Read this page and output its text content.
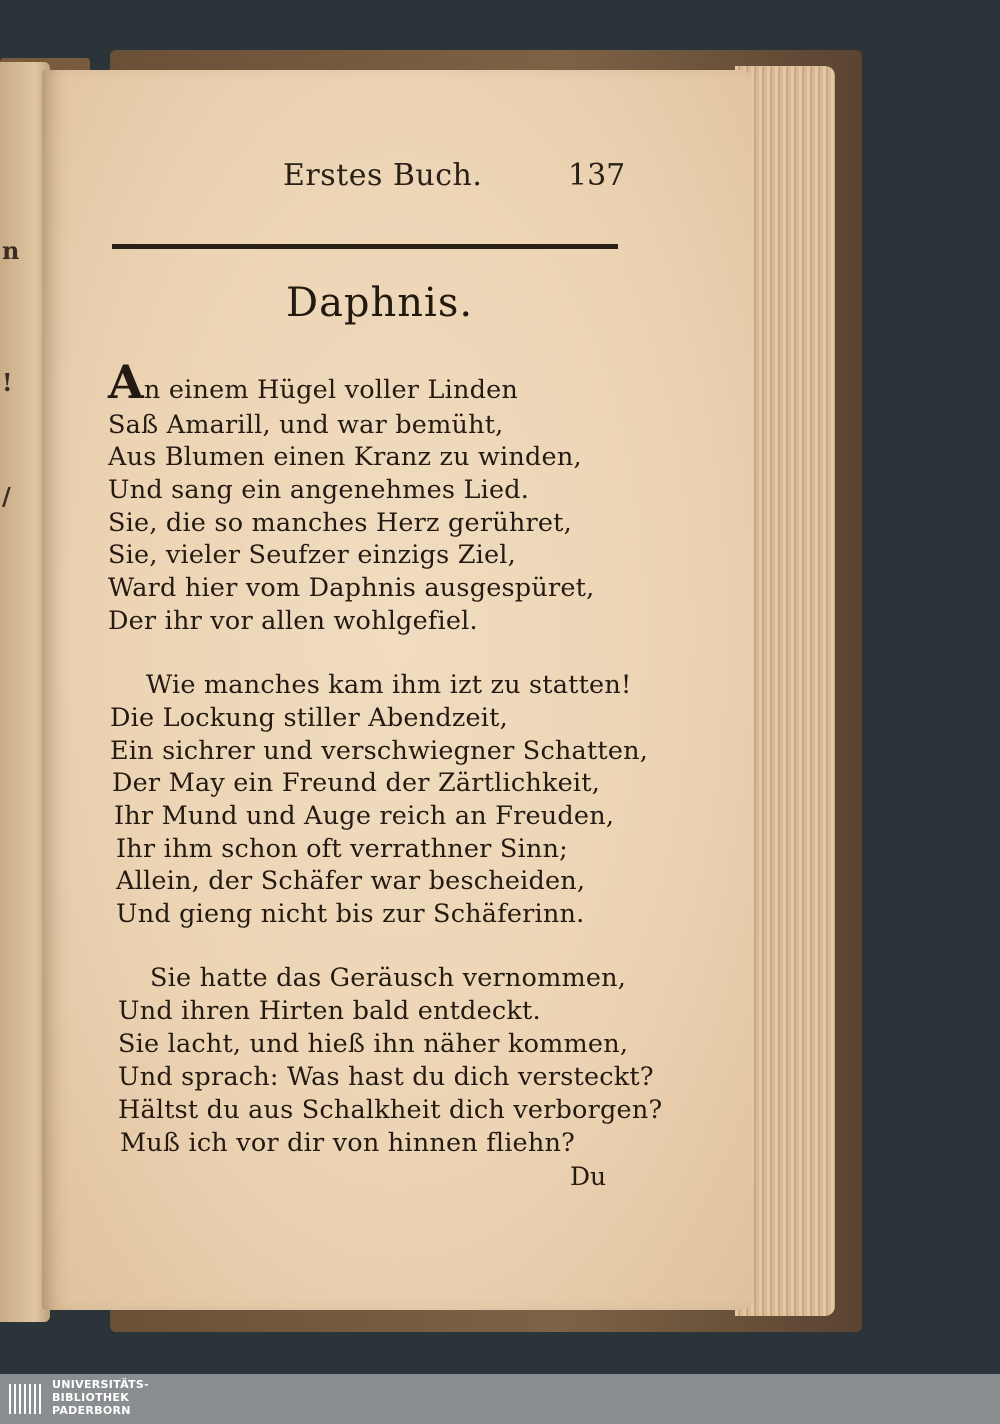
n
!
/
Erstes Buch.	137
Daphnis.
An einem Hügel voller Linden
Saß Amarill, und war bemüht,
Aus Blumen einen Kranz zu winden,
Und sang ein angenehmes Lied.
Sie, die so manches Herz gerühret,
Sie, vieler Seufzer einzigs Ziel,
Ward hier vom Daphnis ausgespüret,
Der ihr vor allen wohlgefiel.
Wie manches kam ihm izt zu statten!
Die Lockung stiller Abendzeit,
Ein sichrer und verschwiegner Schatten,
Der May ein Freund der Zärtlichkeit,
Ihr Mund und Auge reich an Freuden,
Ihr ihm schon oft verrathner Sinn;
Allein, der Schäfer war bescheiden,
Und gieng nicht bis zur Schäferinn.
Sie hatte das Geräusch vernommen,
Und ihren Hirten bald entdeckt.
Sie lacht, und hieß ihn näher kommen,
Und sprach: Was hast du dich versteckt?
Hältst du aus Schalkheit dich verborgen?
Muß ich vor dir von hinnen fliehn?
Du
UNIVERSITÄTS-
BIBLIOTHEK
PADERBORN
